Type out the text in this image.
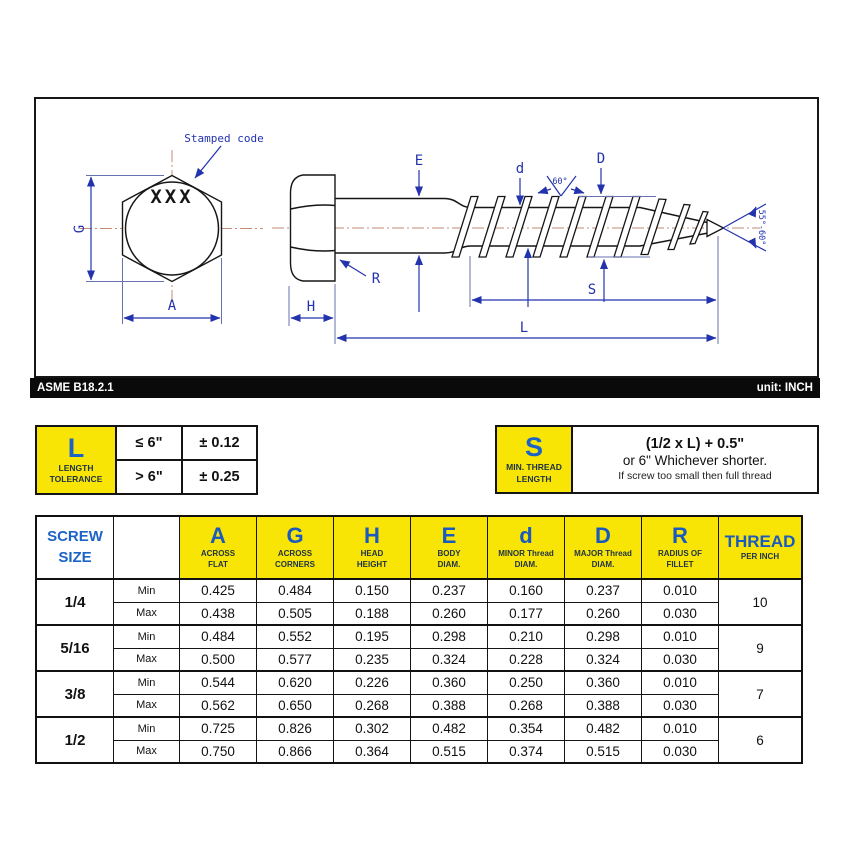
XXX
Stamped code
G
A
R
H
E	d
D
60°
55°-60°
S
L
ASME B18.2.1	unit: INCH
L
LENGTH
TOLERANCE	≤ 6"	± 0.12
	> 6"	± 0.25
S
MIN. THREAD
LENGTH

(1/2 x L) + 0.5"
or 6" Whichever shorter.
If screw too small then full thread
SCREW
SIZE

A
ACROSS
FLAT

G
ACROSS
CORNERS

H
HEAD
HEIGHT

E
BODY
DIAM.

d
MINOR Thread
DIAM.

D
MAJOR Thread
DIAM.

R
RADIUS OF
FILLET

THREAD
PER INCH

1/4	Min	0.425	0.484	0.150	0.237	0.160	0.237	0.010	10
	Max	0.438	0.505	0.188	0.260	0.177	0.260	0.030	
5/16	Min	0.484	0.552	0.195	0.298	0.210	0.298	0.010	9
	Max	0.500	0.577	0.235	0.324	0.228	0.324	0.030	
3/8	Min	0.544	0.620	0.226	0.360	0.250	0.360	0.010	7
	Max	0.562	0.650	0.268	0.388	0.268	0.388	0.030	
1/2	Min	0.725	0.826	0.302	0.482	0.354	0.482	0.010	6
	Max	0.750	0.866	0.364	0.515	0.374	0.515	0.030	
